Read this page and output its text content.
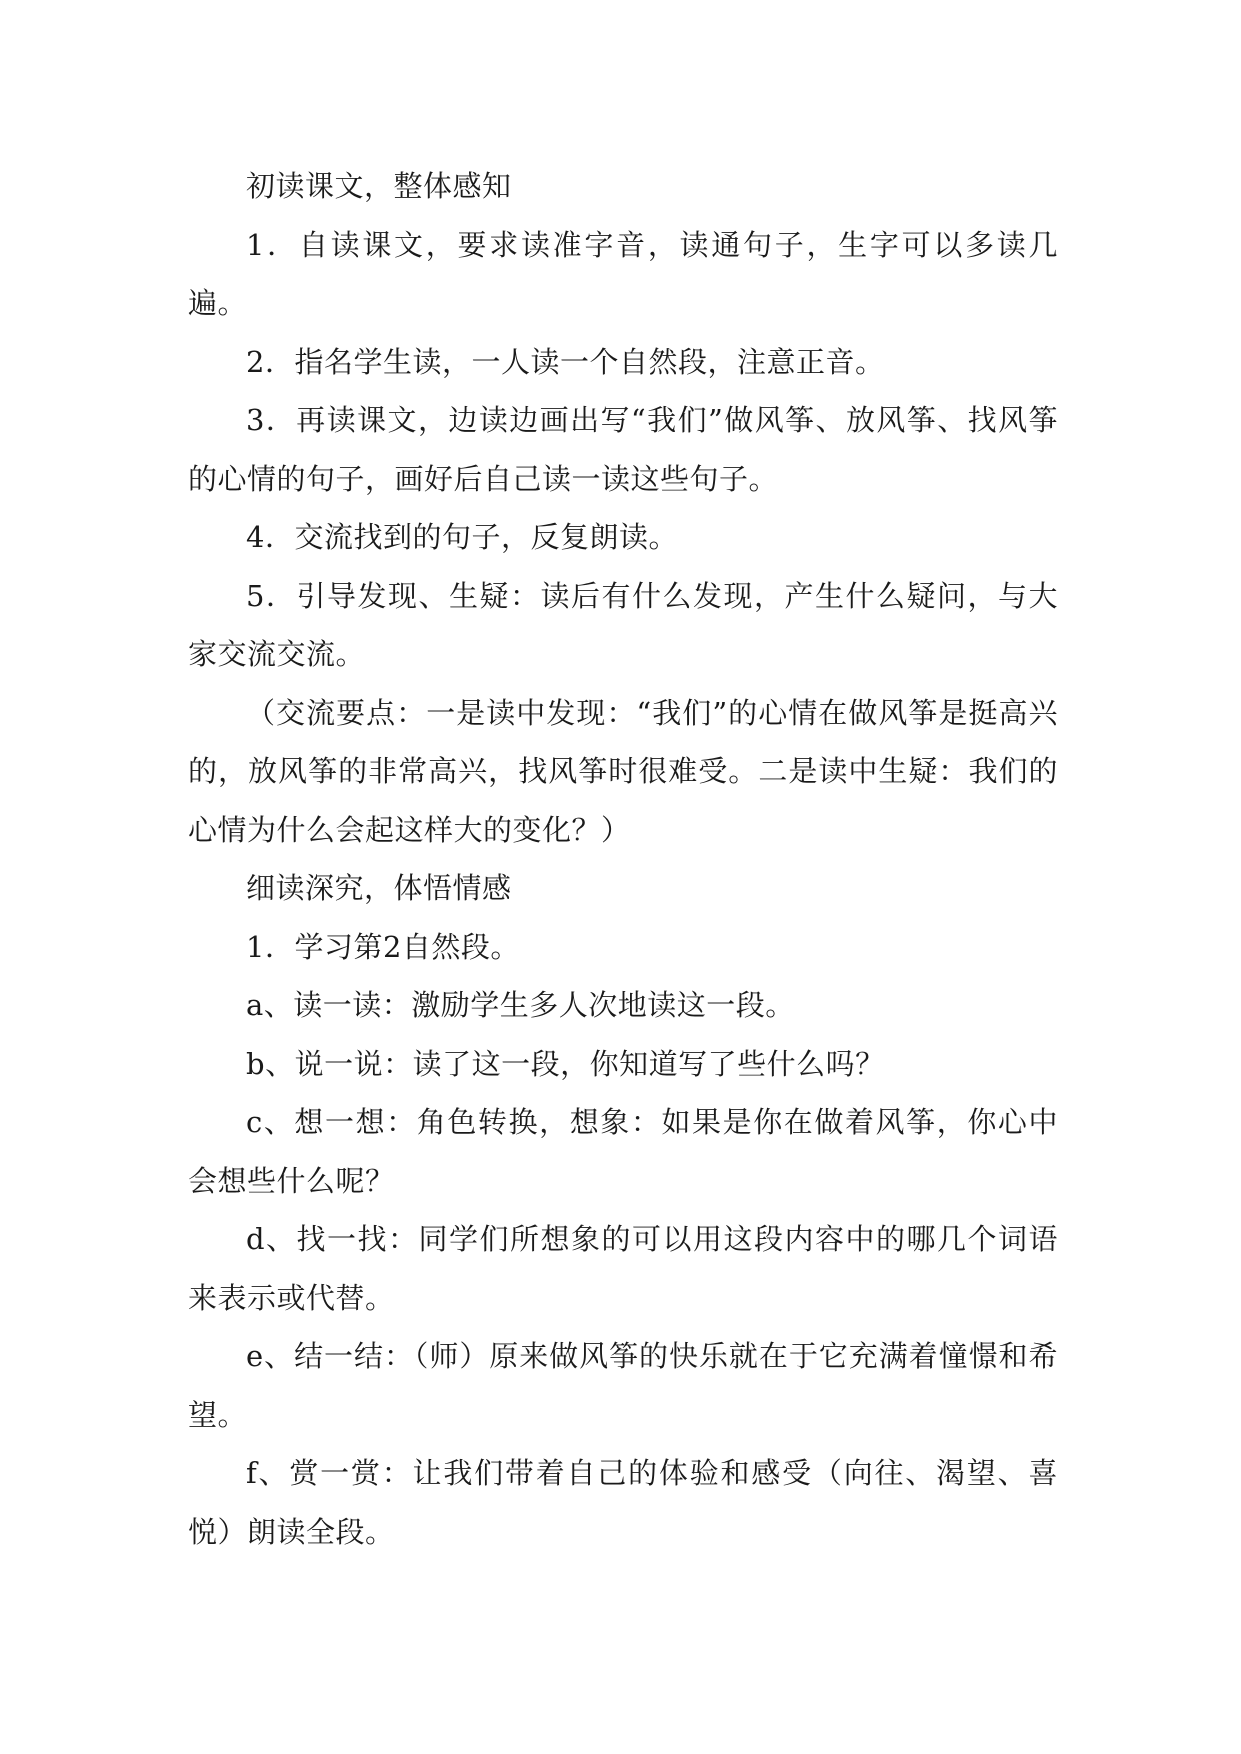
初读课文，整体感知

1．自读课文，要求读准字音，读通句子，生字可以多读几遍。

2．指名学生读，一人读一个自然段，注意正音。

3．再读课文，边读边画出写“我们”做风筝、放风筝、找风筝的心情的句子，画好后自己读一读这些句子。

4．交流找到的句子，反复朗读。

5．引导发现、生疑：读后有什么发现，产生什么疑问，与大家交流交流。

（交流要点：一是读中发现：“我们”的心情在做风筝是挺高兴的，放风筝的非常高兴，找风筝时很难受。二是读中生疑：我们的心情为什么会起这样大的变化？）

细读深究，体悟情感

1．学习第2自然段。

a、读一读：激励学生多人次地读这一段。

b、说一说：读了这一段，你知道写了些什么吗？

c、想一想：角色转换，想象：如果是你在做着风筝，你心中会想些什么呢？

d、找一找：同学们所想象的可以用这段内容中的哪几个词语来表示或代替。

e、结一结：（师）原来做风筝的快乐就在于它充满着憧憬和希望。

f、赏一赏：让我们带着自己的体验和感受（向往、渴望、喜悦）朗读全段。
